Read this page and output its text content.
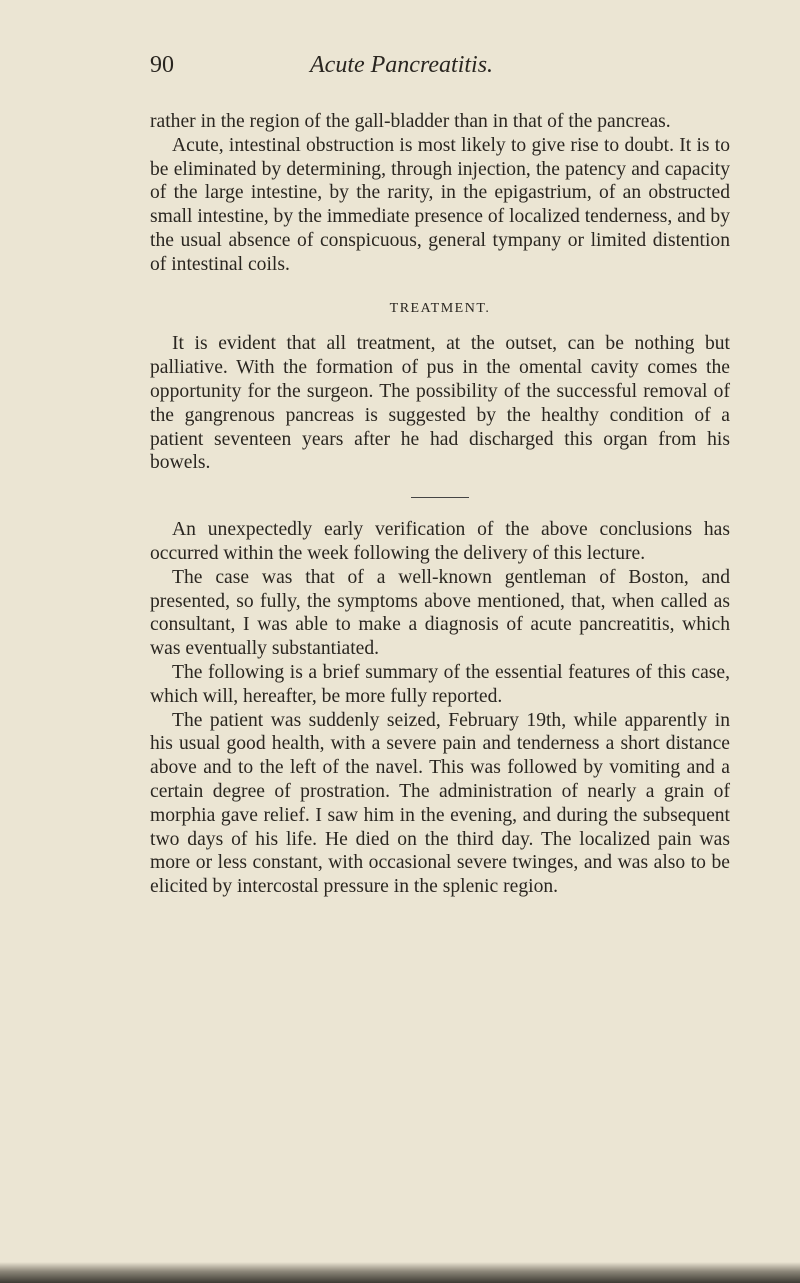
90	Acute Pancreatitis.

rather in the region of the gall-bladder than in that of the pancreas.

Acute, intestinal obstruction is most likely to give rise to doubt. It is to be eliminated by determining, through injection, the patency and capacity of the large intestine, by the rarity, in the epigastrium, of an obstructed small intestine, by the immediate presence of localized tenderness, and by the usual absence of conspicuous, general tympany or limited distention of intestinal coils.

TREATMENT.

It is evident that all treatment, at the outset, can be nothing but palliative. With the formation of pus in the omental cavity comes the opportunity for the surgeon. The possibility of the successful removal of the gangrenous pancreas is suggested by the healthy condition of a patient seventeen years after he had discharged this organ from his bowels.

An unexpectedly early verification of the above conclusions has occurred within the week following the delivery of this lecture.

The case was that of a well-known gentleman of Boston, and presented, so fully, the symptoms above mentioned, that, when called as consultant, I was able to make a diagnosis of acute pancreatitis, which was eventually substantiated.

The following is a brief summary of the essential features of this case, which will, hereafter, be more fully reported.

The patient was suddenly seized, February 19th, while apparently in his usual good health, with a severe pain and tenderness a short distance above and to the left of the navel. This was followed by vomiting and a certain degree of prostration. The administration of nearly a grain of morphia gave relief. I saw him in the evening, and during the subsequent two days of his life. He died on the third day. The localized pain was more or less constant, with occasional severe twinges, and was also to be elicited by intercostal pressure in the splenic region.
